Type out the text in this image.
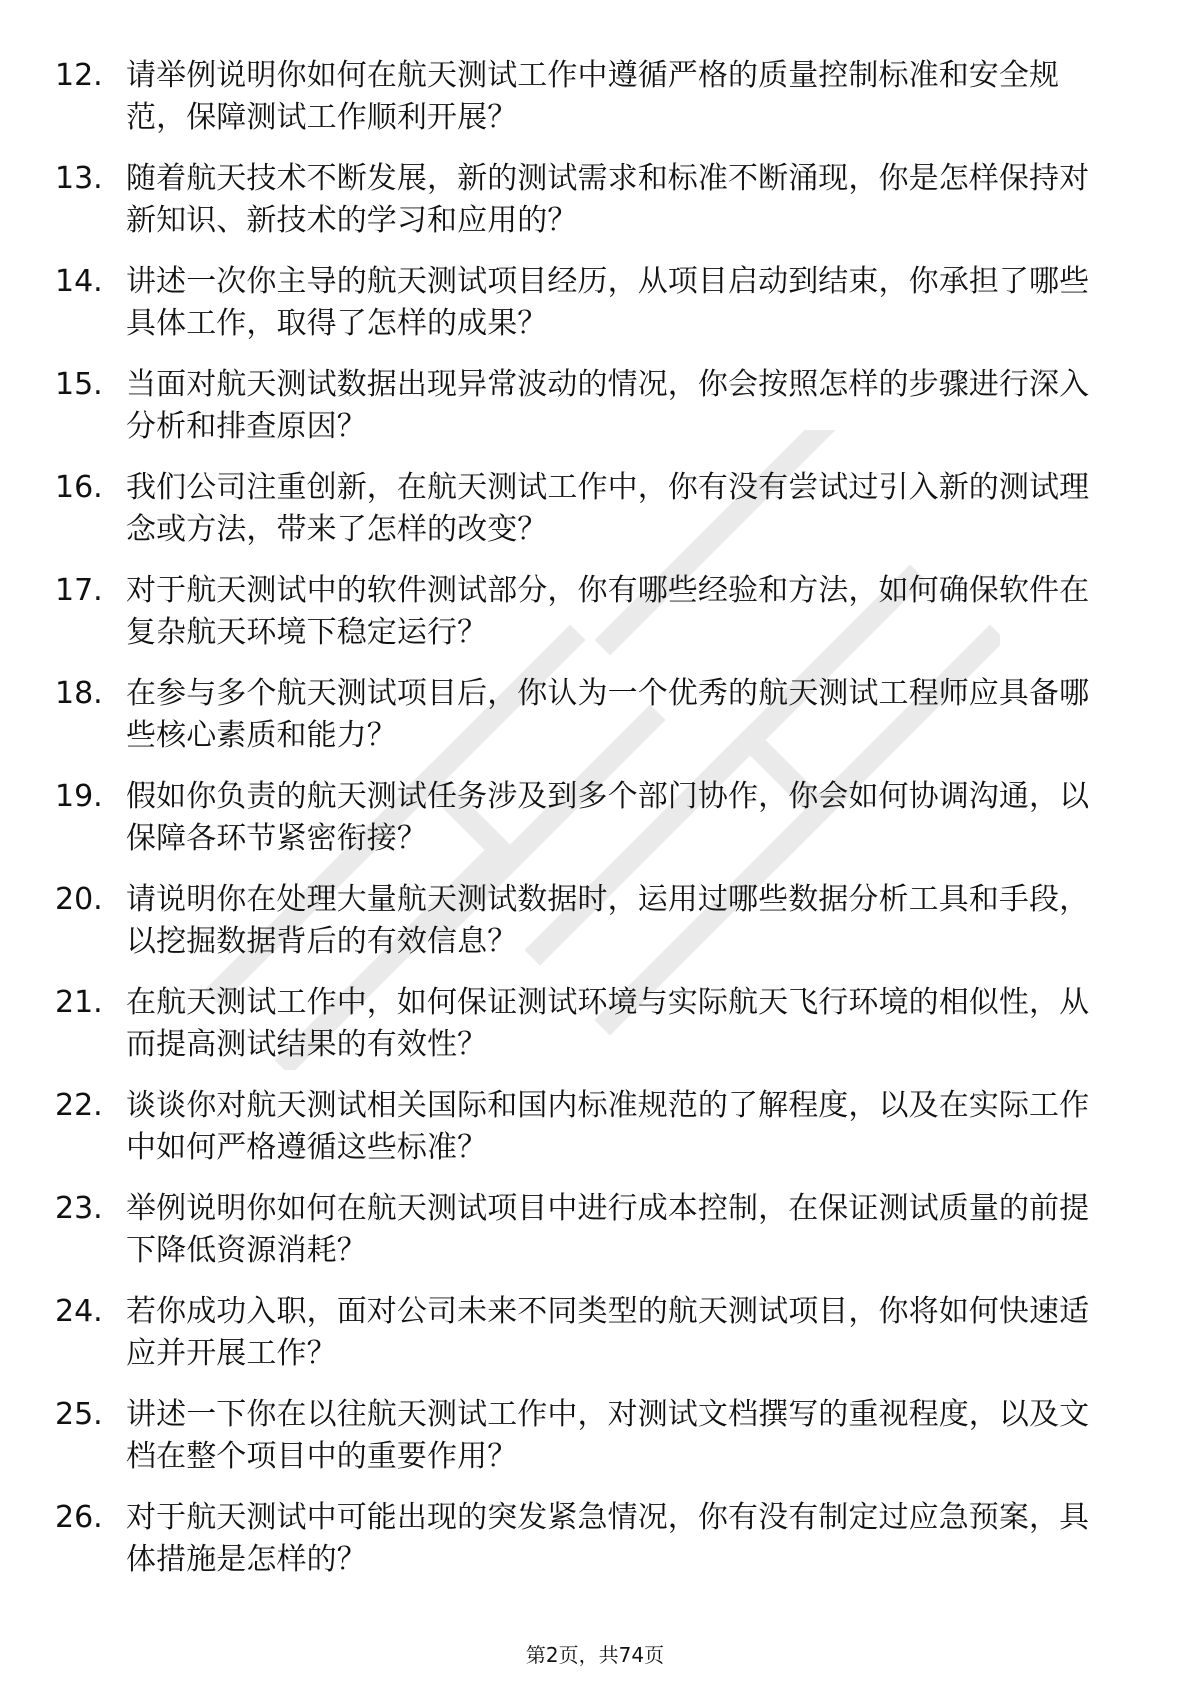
12. 请举例说明你如何在航天测试工作中遵循严格的质量控制标准和安全规范，保障测试工作顺利开展？
13. 随着航天技术不断发展，新的测试需求和标准不断涌现，你是怎样保持对新知识、新技术的学习和应用的？
14. 讲述一次你主导的航天测试项目经历，从项目启动到结束，你承担了哪些具体工作，取得了怎样的成果？
15. 当面对航天测试数据出现异常波动的情况，你会按照怎样的步骤进行深入分析和排查原因？
16. 我们公司注重创新，在航天测试工作中，你有没有尝试过引入新的测试理念或方法，带来了怎样的改变？
17. 对于航天测试中的软件测试部分，你有哪些经验和方法，如何确保软件在复杂航天环境下稳定运行？
18. 在参与多个航天测试项目后，你认为一个优秀的航天测试工程师应具备哪些核心素质和能力？
19. 假如你负责的航天测试任务涉及到多个部门协作，你会如何协调沟通，以保障各环节紧密衔接？
20. 请说明你在处理大量航天测试数据时，运用过哪些数据分析工具和手段，以挖掘数据背后的有效信息？
21. 在航天测试工作中，如何保证测试环境与实际航天飞行环境的相似性，从而提高测试结果的有效性？
22. 谈谈你对航天测试相关国际和国内标准规范的了解程度，以及在实际工作中如何严格遵循这些标准？
23. 举例说明你如何在航天测试项目中进行成本控制，在保证测试质量的前提下降低资源消耗？
24. 若你成功入职，面对公司未来不同类型的航天测试项目，你将如何快速适应并开展工作？
25. 讲述一下你在以往航天测试工作中，对测试文档撰写的重视程度，以及文档在整个项目中的重要作用？
26. 对于航天测试中可能出现的突发紧急情况，你有没有制定过应急预案，具体措施是怎样的？
第2页，共74页
